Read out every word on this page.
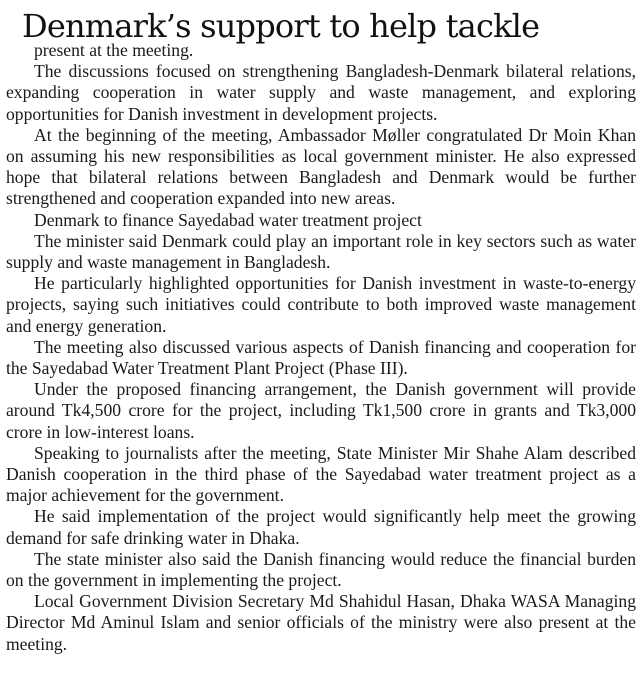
Denmark’s support to help tackle

present at the meeting.

The discussions focused on strengthening Bangladesh-Denmark bilateral relations, expanding cooperation in water supply and waste management, and exploring opportunities for Danish investment in development projects.

At the beginning of the meeting, Ambassador Møller congratulated Dr Moin Khan on assuming his new responsibilities as local government minister. He also expressed hope that bilateral relations between Bangladesh and Denmark would be further strengthened and cooperation expanded into new areas.

Denmark to finance Sayedabad water treatment project

The minister said Denmark could play an important role in key sectors such as water supply and waste management in Bangladesh.

He particularly highlighted opportunities for Danish investment in waste-to-energy projects, saying such initiatives could contribute to both improved waste management and energy generation.

The meeting also discussed various aspects of Danish financing and cooperation for the Sayedabad Water Treatment Plant Project (Phase III).

Under the proposed financing arrangement, the Danish government will provide around Tk4,500 crore for the project, including Tk1,500 crore in grants and Tk3,000 crore in low-interest loans.

Speaking to journalists after the meeting, State Minister Mir Shahe Alam described Danish cooperation in the third phase of the Sayedabad water treatment project as a major achievement for the government.

He said implementation of the project would significantly help meet the growing demand for safe drinking water in Dhaka.

The state minister also said the Danish financing would reduce the financial burden on the government in implementing the project.

Local Government Division Secretary Md Shahidul Hasan, Dhaka WASA Managing Director Md Aminul Islam and senior officials of the ministry were also present at the meeting.
